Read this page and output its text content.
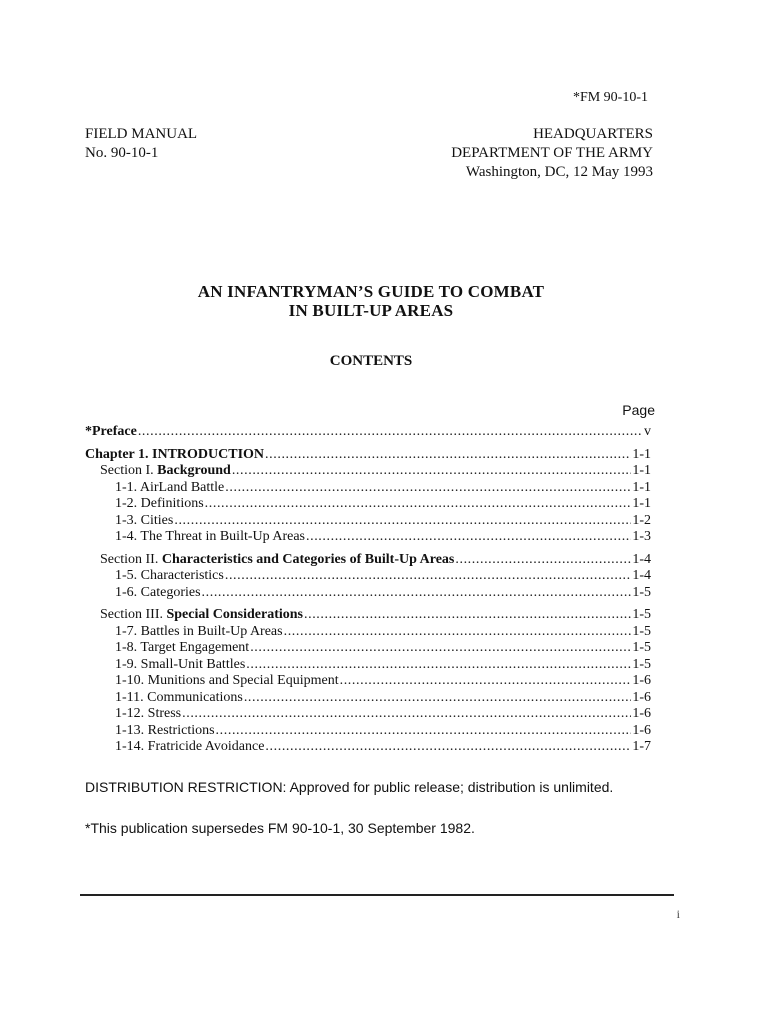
*FM 90-10-1
FIELD MANUAL
No. 90-10-1
HEADQUARTERS
DEPARTMENT OF THE ARMY
Washington, DC, 12 May 1993
AN INFANTRYMAN’S GUIDE TO COMBAT
IN BUILT-UP AREAS
CONTENTS
Page
*Preface .....	v
Chapter 1. INTRODUCTION .....	1-1
Section I. Background .....	1-1
1-1. AirLand Battle .....	1-1
1-2. Definitions .....	1-1
1-3. Cities .....	1-2
1-4. The Threat in Built-Up Areas .....	1-3
Section II. Characteristics and Categories of Built-Up Areas .....	1-4
1-5. Characteristics .....	1-4
1-6. Categories .....	1-5
Section III. Special Considerations .....	1-5
1-7. Battles in Built-Up Areas .....	1-5
1-8. Target Engagement .....	1-5
1-9. Small-Unit Battles .....	1-5
1-10. Munitions and Special Equipment .....	1-6
1-11. Communications .....	1-6
1-12. Stress .....	1-6
1-13. Restrictions .....	1-6
1-14. Fratricide Avoidance .....	1-7
DISTRIBUTION RESTRICTION: Approved for public release; distribution is unlimited.
*This publication supersedes FM 90-10-1, 30 September 1982.
i
